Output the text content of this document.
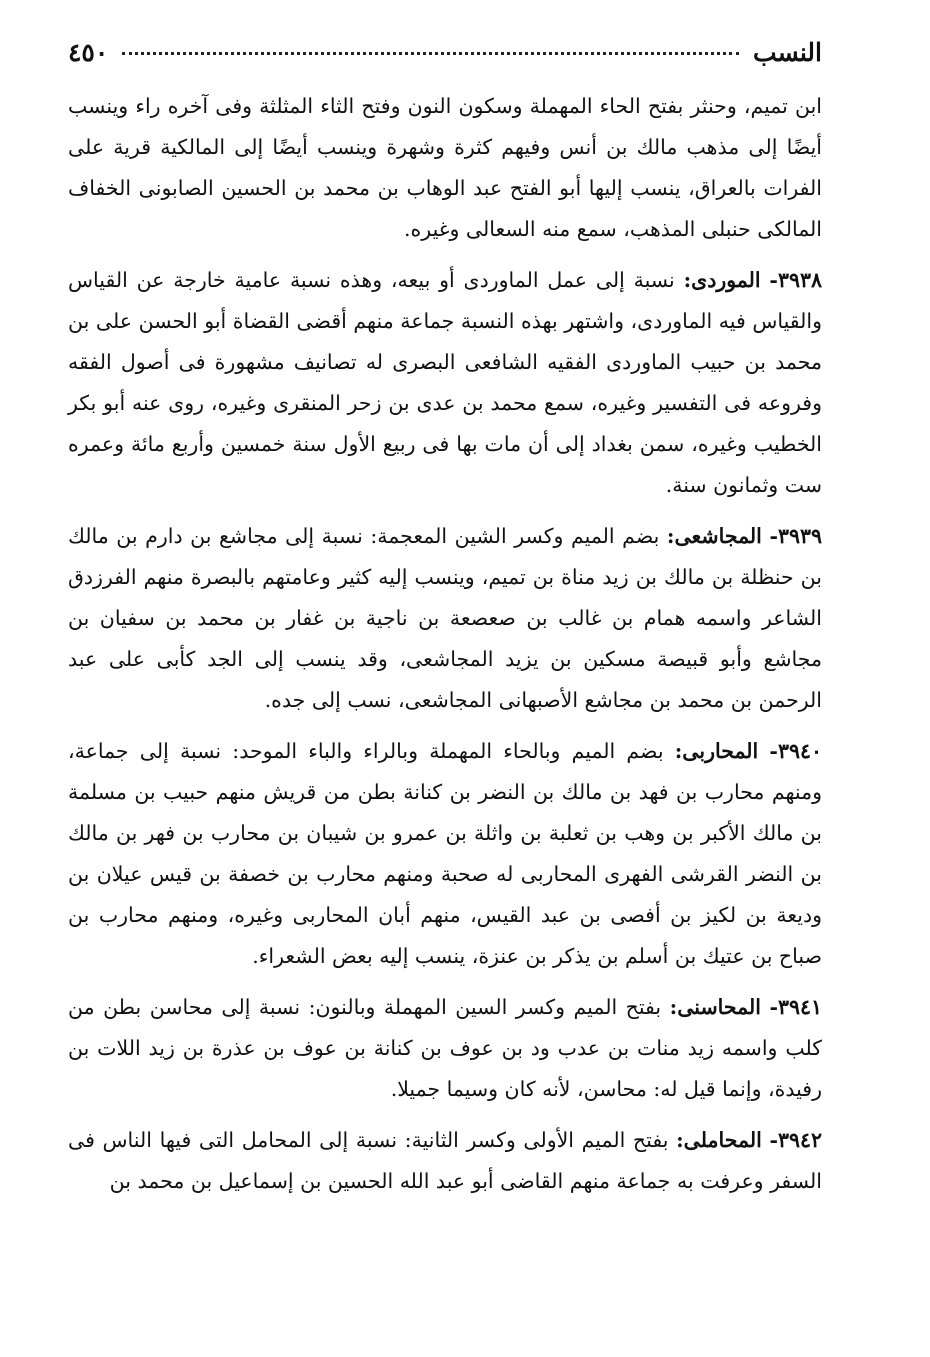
النسب
٤٥٠

ابن تميم، وحنثر بفتح الحاء المهملة وسكون النون وفتح الثاء المثلثة وفى آخره راء وينسب أيضًا إلى مذهب مالك بن أنس وفيهم كثرة وشهرة وينسب أيضًا إلى المالكية قرية على الفرات بالعراق، ينسب إليها أبو الفتح عبد الوهاب بن محمد بن الحسين الصابونى الخفاف المالكى حنبلى المذهب، سمع منه السعالى وغيره.

٣٩٣٨- الموردى: نسبة إلى عمل الماوردى أو بيعه، وهذه نسبة عامية خارجة عن القياس والقياس فيه الماوردى، واشتهر بهذه النسبة جماعة منهم أقضى القضاة أبو الحسن على بن محمد بن حبيب الماوردى الفقيه الشافعى البصرى له تصانيف مشهورة فى أصول الفقه وفروعه فى التفسير وغيره، سمع محمد بن عدى بن زحر المنقرى وغيره، روى عنه أبو بكر الخطيب وغيره، سمن بغداد إلى أن مات بها فى ربيع الأول سنة خمسين وأربع مائة وعمره ست وثمانون سنة.

٣٩٣٩- المجاشعى: بضم الميم وكسر الشين المعجمة: نسبة إلى مجاشع بن دارم بن مالك بن حنظلة بن مالك بن زيد مناة بن تميم، وينسب إليه كثير وعامتهم بالبصرة منهم الفرزدق الشاعر واسمه همام بن غالب بن صعصعة بن ناجية بن غفار بن محمد بن سفيان بن مجاشع وأبو قبيصة مسكين بن يزيد المجاشعى، وقد ينسب إلى الجد كأبى على عبد الرحمن بن محمد بن مجاشع الأصبهانى المجاشعى، نسب إلى جده.

٣٩٤٠- المحاربى: بضم الميم وبالحاء المهملة وبالراء والباء الموحد: نسبة إلى جماعة، ومنهم محارب بن فهد بن مالك بن النضر بن كنانة بطن من قريش منهم حبيب بن مسلمة بن مالك الأكبر بن وهب بن ثعلبة بن واثلة بن عمرو بن شيبان بن محارب بن فهر بن مالك بن النضر القرشى الفهرى المحاربى له صحبة ومنهم محارب بن خصفة بن قيس عيلان بن وديعة بن لكيز بن أفصى بن عبد القيس، منهم أبان المحاربى وغيره، ومنهم محارب بن صباح بن عتيك بن أسلم بن يذكر بن عنزة، ينسب إليه بعض الشعراء.

٣٩٤١- المحاسنى: بفتح الميم وكسر السين المهملة وبالنون: نسبة إلى محاسن بطن من كلب واسمه زيد منات بن عدب ود بن عوف بن كنانة بن عوف بن عذرة بن زيد اللات بن رفيدة، وإنما قيل له: محاسن، لأنه كان وسيما جميلا.

٣٩٤٢- المحاملى: بفتح الميم الأولى وكسر الثانية: نسبة إلى المحامل التى فيها الناس فى السفر وعرفت به جماعة منهم القاضى أبو عبد الله الحسين بن إسماعيل بن محمد بن
